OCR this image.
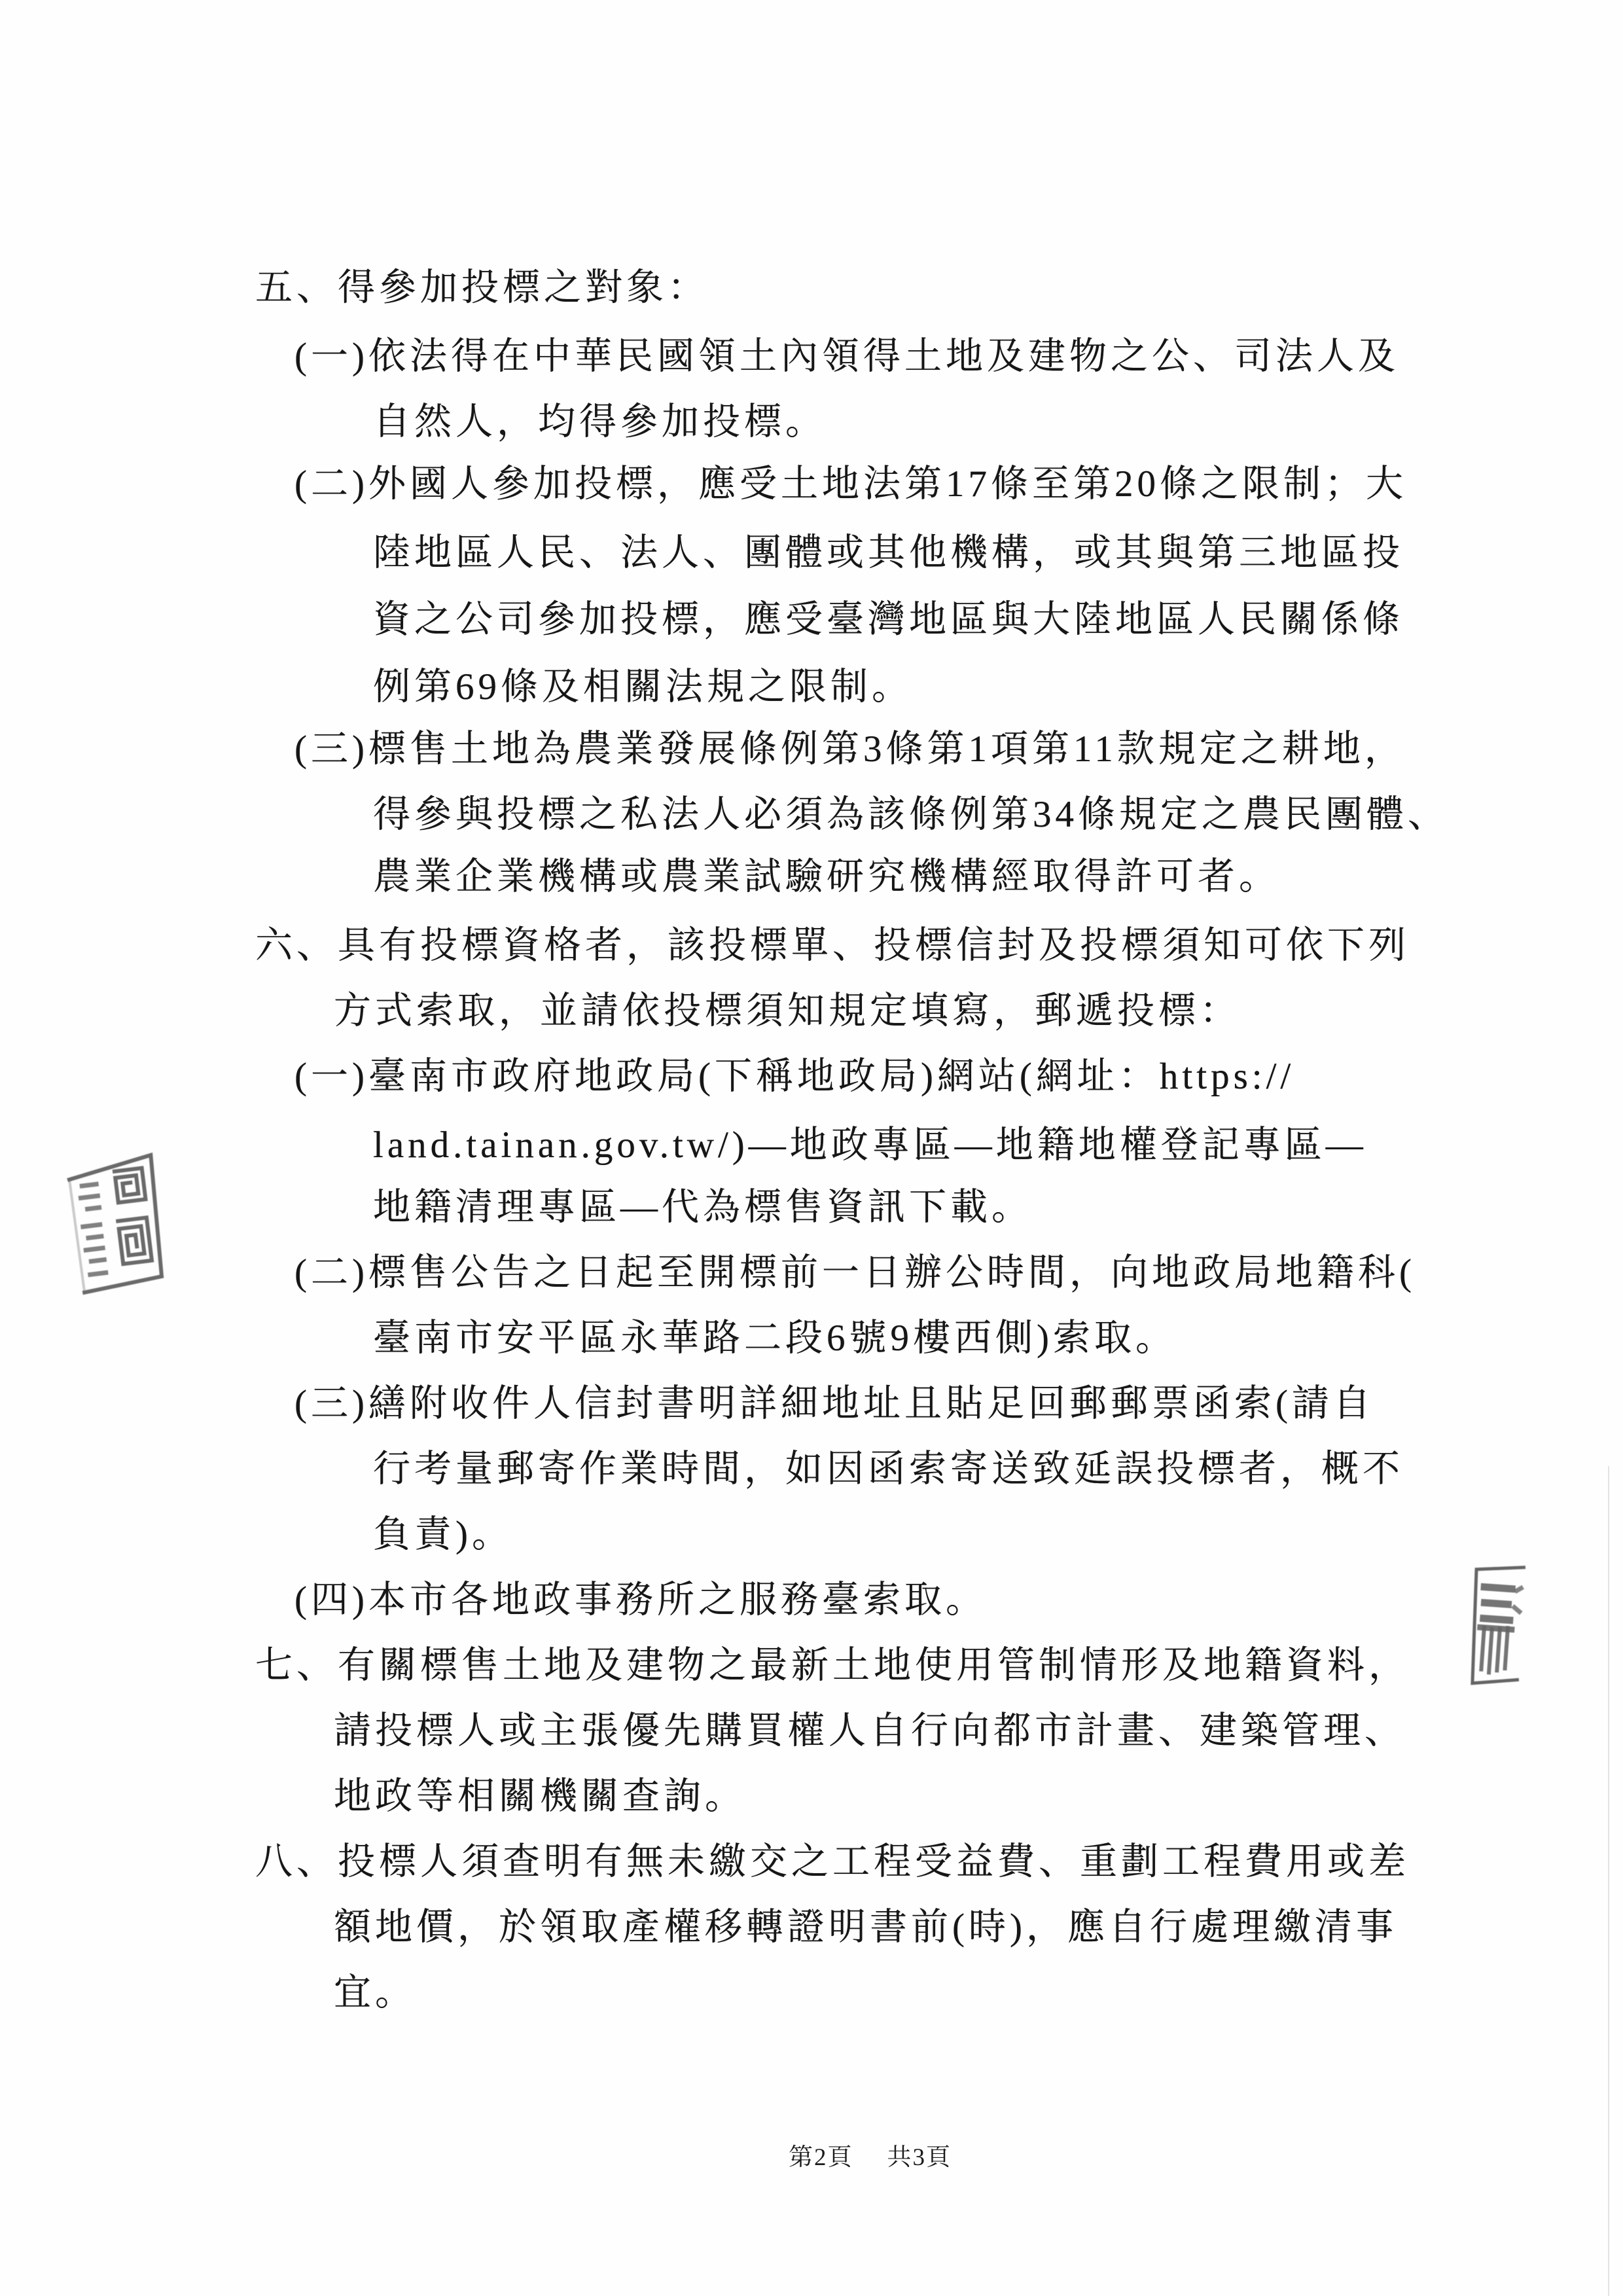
五、得參加投標之對象：
(一)依法得在中華民國領土內領得土地及建物之公、司法人及
自然人，均得參加投標。
(二)外國人參加投標，應受土地法第17條至第20條之限制；大
陸地區人民、法人、團體或其他機構，或其與第三地區投
資之公司參加投標，應受臺灣地區與大陸地區人民關係條
例第69條及相關法規之限制。
(三)標售土地為農業發展條例第3條第1項第11款規定之耕地，
得參與投標之私法人必須為該條例第34條規定之農民團體、
農業企業機構或農業試驗研究機構經取得許可者。
六、具有投標資格者，該投標單、投標信封及投標須知可依下列
方式索取，並請依投標須知規定填寫，郵遞投標：
(一)臺南市政府地政局(下稱地政局)網站(網址：https://
land.tainan.gov.tw/)—地政專區—地籍地權登記專區—
地籍清理專區—代為標售資訊下載。
(二)標售公告之日起至開標前一日辦公時間，向地政局地籍科(
臺南市安平區永華路二段6號9樓西側)索取。
(三)繕附收件人信封書明詳細地址且貼足回郵郵票函索(請自
行考量郵寄作業時間，如因函索寄送致延誤投標者，概不
負責)。
(四)本市各地政事務所之服務臺索取。
七、有關標售土地及建物之最新土地使用管制情形及地籍資料，
請投標人或主張優先購買權人自行向都市計畫、建築管理、
地政等相關機關查詢。
八、投標人須查明有無未繳交之工程受益費、重劃工程費用或差
額地價，於領取產權移轉證明書前(時)，應自行處理繳清事
宜。
第2頁 共3頁
